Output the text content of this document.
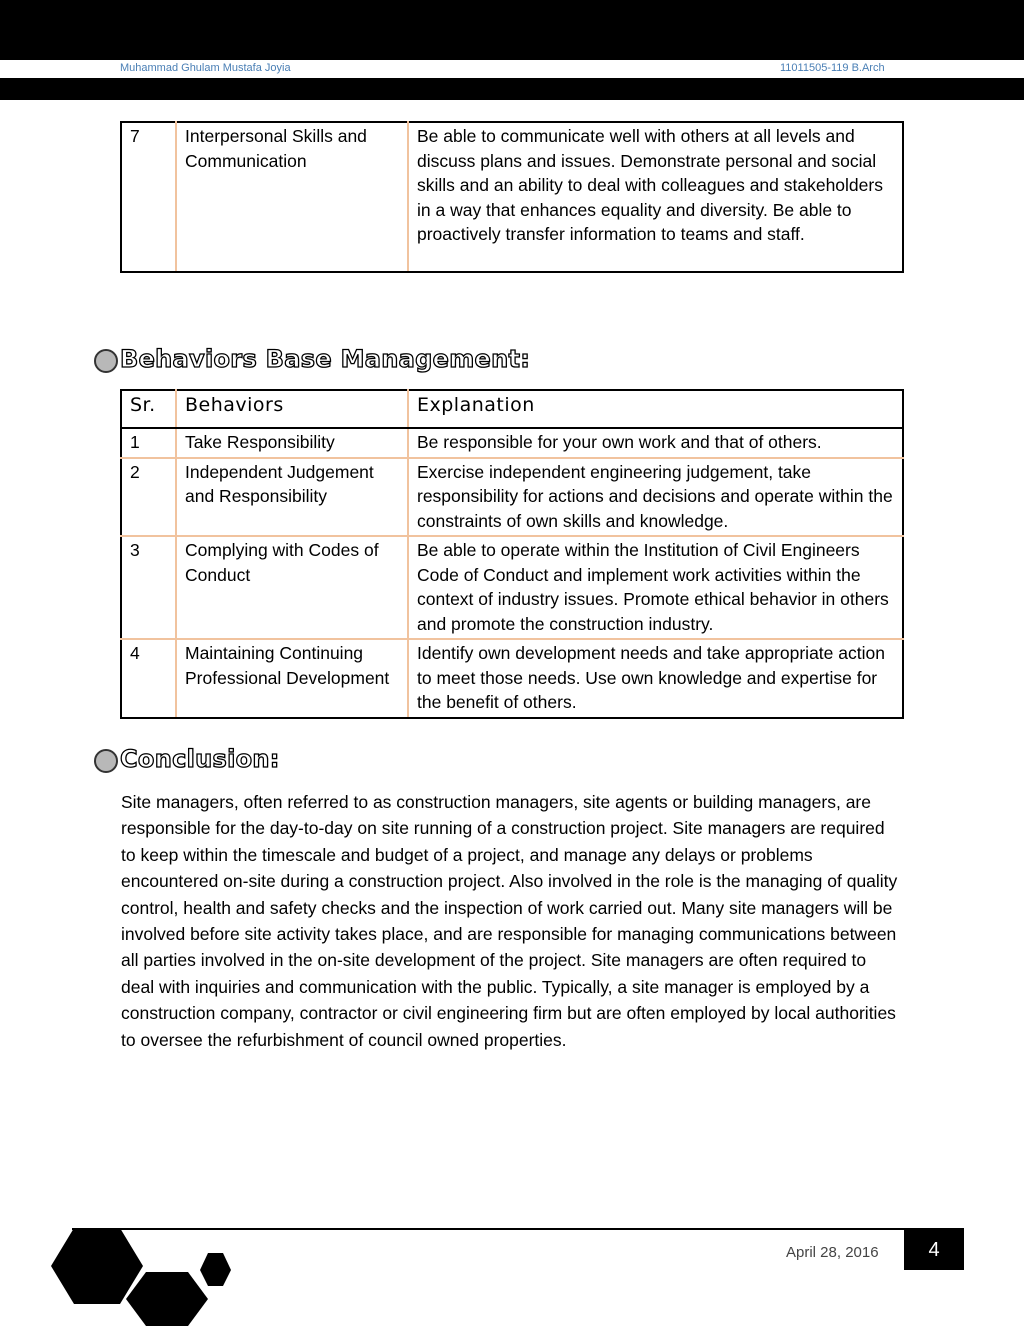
Muhammad Ghulam Mustafa Joyia	11011505-119 B.Arch
7	Interpersonal Skills and Communication	Be able to communicate well with others at all levels and discuss plans and issues. Demonstrate personal and social skills and an ability to deal with colleagues and stakeholders in a way that enhances equality and diversity. Be able to proactively transfer information to teams and staff.
Behaviors Base Management:
Sr.	Behaviors	Explanation
1	Take Responsibility	Be responsible for your own work and that of others.
2	Independent Judgement and Responsibility	Exercise independent engineering judgement, take responsibility for actions and decisions and operate within the constraints of own skills and knowledge.
3	Complying with Codes of Conduct	Be able to operate within the Institution of Civil Engineers Code of Conduct and implement work activities within the context of industry issues. Promote ethical behavior in others and promote the construction industry.
4	Maintaining Continuing Professional Development	Identify own development needs and take appropriate action to meet those needs. Use own knowledge and expertise for the benefit of others.
Conclusion:
Site managers, often referred to as construction managers, site agents or building managers, are responsible for the day-to-day on site running of a construction project. Site managers are required to keep within the timescale and budget of a project, and manage any delays or problems encountered on-site during a construction project. Also involved in the role is the managing of quality control, health and safety checks and the inspection of work carried out. Many site managers will be involved before site activity takes place, and are responsible for managing communications between all parties involved in the on-site development of the project. Site managers are often required to deal with inquiries and communication with the public. Typically, a site manager is employed by a construction company, contractor or civil engineering firm but are often employed by local authorities to oversee the refurbishment of council owned properties.
April 28, 2016	4
